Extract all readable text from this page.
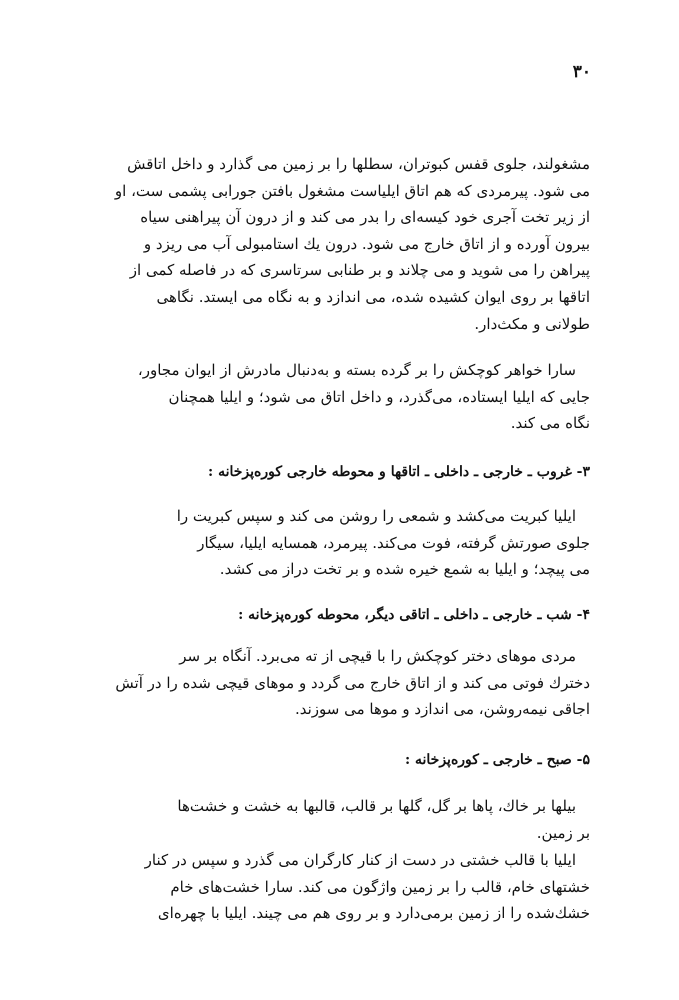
۳۰

مشغولند، جلوی قفس کبوتران، سطلها را بر زمین می گذارد و داخل اتاقش

می شود. پیرمردی که هم اتاق ایلیاست مشغول بافتن جورابی پشمی ست، او

از زیر تخت آجری خود کیسه‌ای را بدر می کند و از درون آن پیراهنی سیاه

بیرون آورده و از اتاق خارج می شود. درون یك استامبولی آب می ریزد و

پیراهن را می شوید و می چلاند و بر طنابی سرتاسری که در فاصله کمی از

اتاقها بر روی ایوان کشیده شده، می اندازد و به نگاه می ایستد. نگاهی

طولانی و مکث‌دار.

سارا خواهر کوچکش را بر گرده بسته و به‌دنبال مادرش از ایوان مجاور،

جایی که ایلیا ایستاده، می‌گذرد، و داخل اتاق می شود؛ و ایلیا همچنان

نگاه می کند.

۳- غروب ـ خارجی ـ داخلی ـ اتاقها و محوطه خارجی کوره‌پزخانه :

ایلیا کبریت می‌کشد و شمعی را روشن می کند و سپس کبریت را

جلوی صورتش گرفته، فوت می‌کند. پیرمرد، همسایه ایلیا، سیگار

می پیچد؛ و ایلیا به شمع خیره شده و بر تخت دراز می کشد.

۴- شب ـ خارجی ـ داخلی ـ اتاقی دیگر، محوطه کوره‌پزخانه :

مردی موهای دختر کوچکش را با قیچی از ته می‌برد. آنگاه بر سر

دخترك فوتی می کند و از اتاق خارج می گردد و موهای قیچی شده را در آتش

اجاقی نیمه‌روشن، می اندازد و موها می سوزند.

۵- صبح ـ خارجی ـ کوره‌پزخانه :

بیلها بر خاك، پاها بر گل، گلها بر قالب، قالبها به خشت و خشت‌ها

بر زمین.

ایلیا با قالب خشتی در دست از کنار کارگران می گذرد و سپس در کنار

خشتهای خام، قالب را بر زمین واژگون می کند. سارا خشت‌های خام

خشك‌شده را از زمین برمی‌دارد و بر روی هم می چیند. ایلیا با چهره‌ای
